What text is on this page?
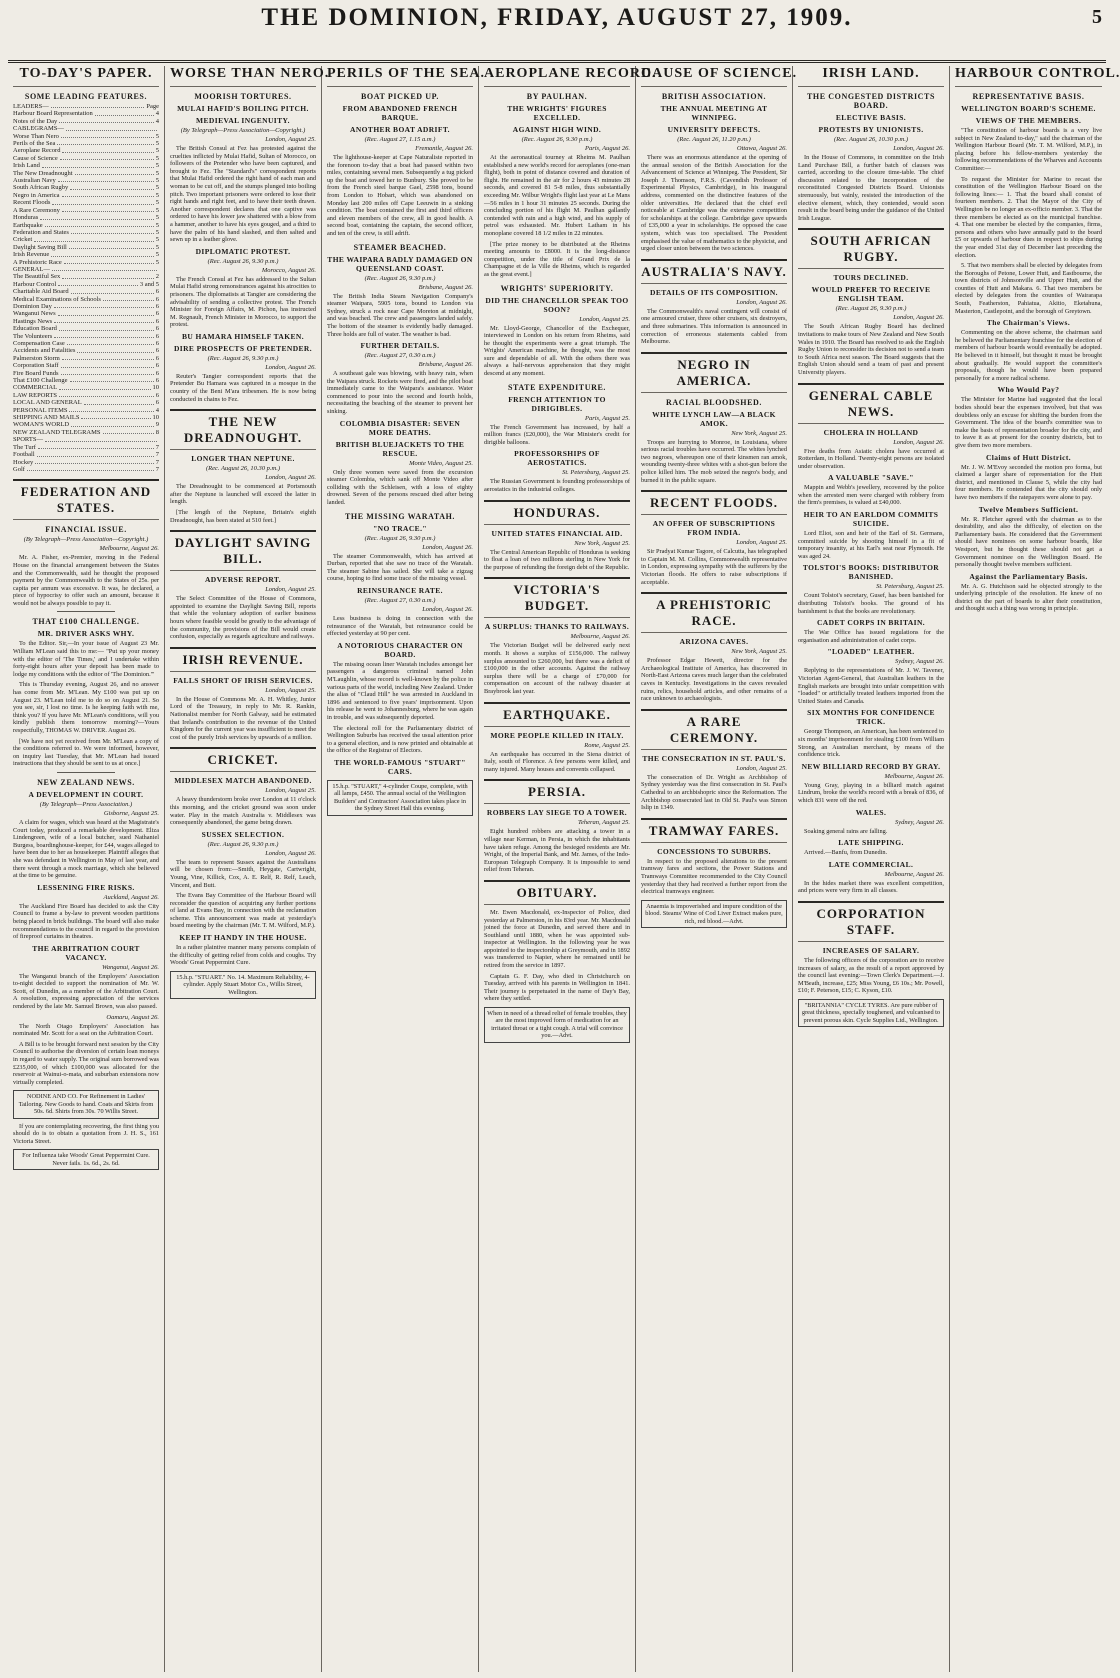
THE DOMINION, FRIDAY, AUGUST 27, 1909.	5
TO-DAY'S PAPER.
SOME LEADING FEATURES.
LEADERS—	Page
Harbour Board Representation	4
Notes of the Day	4
CABLEGRAMS—
Worse Than Nero	5
Perils of the Sea	5
Aeroplane Record	5
Cause of Science	5
Irish Land	5
The New Dreadnought	5
Australian Navy	5
South African Rugby	5
Negro in America	5
Recent Floods	5
A Rare Ceremony	5
Honduras	5
Earthquake	5
Federation and States	5
Cricket	5
Daylight Saving Bill	5
Irish Revenue	5
A Prehistoric Race	5
GENERAL—
The Beautiful Sex	2
Harbour Control	3 and 5
Charitable Aid Board	6
Medical Examinations of Schools	6
Dominion Day	6
Wanganui News	6
Hastings News	6
Education Board	6
The Volunteers	6
Compensation Case	6
Accidents and Fatalities	6
Palmerston Storm	6
Corporation Staff	6
Fire Board Funds	6
That £100 Challenge	6
COMMERCIAL	10
LAW REPORTS	6
LOCAL AND GENERAL	6
PERSONAL ITEMS	4
SHIPPING AND MAILS	10
WOMAN'S WORLD	9
NEW ZEALAND TELEGRAMS	8
SPORTS—
The Turf	7
Football	7
Hockey	7
Golf	7
FEDERATION AND STATES.
FINANCIAL ISSUE.
(By Telegraph—Press Association—Copyright.)
Melbourne, August 26.

Mr. A. Fisher, ex-Premier, moving in the Federal House on the financial arrangement between the States and the Commonwealth, said he thought the proposed payment by the Commonwealth to the States of 25s. per capita per annum was excessive. It was, he declared, a piece of hypocrisy to offer such an amount, because it would not be always possible to pay it.

THAT £100 CHALLENGE.
MR. DRIVER ASKS WHY.

To the Editor. Sir,—In your issue of August 23 Mr. William M'Lean said this to me:— "Put up your money with the editor of 'The Times,' and I undertake within forty-eight hours after your deposit has been made to lodge my conditions with the editor of 'The Dominion.'"

This is Thursday evening, August 26, and no answer has come from Mr. M'Lean. My £100 was put up on August 23. M'Lean told me to do so on August 21. So you see, sir, I lost no time. Is he keeping faith with me, think you? If you have Mr. M'Lean's conditions, will you kindly publish them tomorrow morning?—Yours respectfully, THOMAS W. DRIVER. August 26.

[We have not yet received from Mr. M'Lean a copy of the conditions referred to. We were informed, however, on inquiry last Tuesday, that Mr. M'Lean had issued instructions that they should be sent to us at once.]

NEW ZEALAND NEWS.
A DEVELOPMENT IN COURT.
(By Telegraph—Press Association.)
Gisborne, August 25.

A claim for wages, which was heard at the Magistrate's Court today, produced a remarkable development. Eliza Lindengreen, wife of a local butcher, sued Nathaniel Burgess, boardinghouse-keeper, for £44, wages alleged to have been due to her as housekeeper. Plaintiff alleges that she was defendant in Wellington in May of last year, and there went through a mock marriage, which she believed at the time to be genuine.

LESSENING FIRE RISKS.
Auckland, August 26.

The Auckland Fire Board has decided to ask the City Council to frame a by-law to prevent wooden partitions being placed in brick buildings. The board will also make recommendations to the council in regard to the provision of fireproof curtains in theatres.

THE ARBITRATION COURT VACANCY.
Wanganui, August 26.

The Wanganui branch of the Employers' Association to-night decided to support the nomination of Mr. W. Scott, of Dunedin, as a member of the Arbitration Court. A resolution, expressing appreciation of the services rendered by the late Mr. Samuel Brown, was also passed.

Oamaru, August 26.

The North Otago Employers' Association has nominated Mr. Scott for a seat on the Arbitration Court.

A Bill is to be brought forward next session by the City Council to authorise the diversion of certain loan moneys in regard to water supply. The original sum borrowed was £235,000, of which £100,000 was allocated for the reservoir at Wainui-o-mata, and suburban extensions now virtually completed.

NODINE AND CO. For Refinement in Ladies' Tailoring. New Goods to hand. Coats and Skirts from 50s. 6d. Shirts from 30s. 70 Willis Street.

If you are contemplating recovering, the first thing you should do is to obtain a quotation from J. H. S., 161 Victoria Street.

For Influenza take Woods' Great Peppermint Cure. Never fails. 1s. 6d., 2s. 6d.
WORSE THAN NERO.
MOORISH TORTURES.
MULAI HAFID'S BOILING PITCH.
MEDIEVAL INGENUITY.
(By Telegraph—Press Association—Copyright.)
London, August 25.

The British Consul at Fez has protested against the cruelties inflicted by Mulai Hafid, Sultan of Morocco, on followers of the Pretender who have been captured, and brought to Fez. The "Standard's" correspondent reports that Mulai Hafid ordered the right hand of each man and woman to be cut off, and the stumps plunged into boiling pitch. Two important prisoners were ordered to lose their right hands and right feet, and to have their teeth drawn. Another correspondent declares that one captive was ordered to have his lower jaw shattered with a blow from a hammer, another to have his eyes gouged, and a third to have the palm of his hand slashed, and then salted and sewn up in a leather glove.

DIPLOMATIC PROTEST.
(Rec. August 26, 9.30 p.m.)
Morocco, August 26.

The French Consul at Fez has addressed to the Sultan Mulai Hafid strong remonstrances against his atrocities to prisoners. The diplomatists at Tangier are considering the advisability of sending a collective protest. The French Minister for Foreign Affairs, M. Pichon, has instructed M. Regnault, French Minister in Morocco, to support the protest.

BU HAMARA HIMSELF TAKEN.
DIRE PROSPECTS OF PRETENDER.
(Rec. August 26, 9.30 p.m.)
London, August 26.

Reuter's Tangier correspondent reports that the Pretender Bu Hamara was captured in a mosque in the country of the Beni M'ara tribesmen. He is now being conducted in chains to Fez.

THE NEW DREADNOUGHT.
LONGER THAN NEPTUNE.
(Rec. August 26, 10.30 p.m.)
London, August 26.

The Dreadnought to be commenced at Portsmouth after the Neptune is launched will exceed the latter in length.

[The length of the Neptune, Britain's eighth Dreadnought, has been stated at 510 feet.]

DAYLIGHT SAVING BILL.
ADVERSE REPORT.
London, August 25.

The Select Committee of the House of Commons, appointed to examine the Daylight Saving Bill, reports that while the voluntary adoption of earlier business hours where feasible would be greatly to the advantage of the community, the provisions of the Bill would create confusion, especially as regards agriculture and railways.

IRISH REVENUE.
FALLS SHORT OF IRISH SERVICES.
London, August 25.

In the House of Commons Mr. A. H. Whitley, Junior Lord of the Treasury, in reply to Mr. R. Rankin, Nationalist member for North Galway, said he estimated that Ireland's contribution to the revenue of the United Kingdom for the current year was insufficient to meet the cost of the purely Irish services by upwards of a million.

CRICKET.
MIDDLESEX MATCH ABANDONED.
London, August 25.

A heavy thunderstorm broke over London at 11 o'clock this morning, and the cricket ground was soon under water. Play in the match Australia v. Middlesex was consequently abandoned, the game being drawn.

SUSSEX SELECTION.
(Rec. August 26, 9.30 p.m.)
London, August 26.

The team to represent Sussex against the Australians will be chosen from:—Smith, Heygate, Cartwright, Young, Vine, Killick, Cox, A. E. Relf, R. Relf, Leach, Vincent, and Butt.

The Evans Bay Committee of the Harbour Board will reconsider the question of acquiring any further portions of land at Evans Bay, in connection with the reclamation scheme. This announcement was made at yesterday's board meeting by the chairman (Mr. T. M. Wilford, M.P.).

KEEP IT HANDY IN THE HOUSE.

In a rather plaintive manner many persons complain of the difficulty of getting relief from colds and coughs. Try Woods' Great Peppermint Cure.

15.h.p. "STUART." No. 14. Maximum Reliability, 4-cylinder. Apply Stuart Motor Co., Willis Street, Wellington.
PERILS OF THE SEA.
BOAT PICKED UP.
FROM ABANDONED FRENCH BARQUE.
ANOTHER BOAT ADRIFT.
(Rec. August 27, 1.15 a.m.)
Fremantle, August 26.

The lighthouse-keeper at Cape Naturaliste reported in the forenoon to-day that a boat had passed within two miles, containing several men. Subsequently a tug picked up the boat and towed her to Bunbury. She proved to be from the French steel barque Gael, 2598 tons, bound from London to Hobart, which was abandoned on Monday last 200 miles off Cape Leeuwin in a sinking condition. The boat contained the first and third officers and eleven members of the crew, all in good health. A second boat, containing the captain, the second officer, and ten of the crew, is still adrift.

STEAMER BEACHED.
THE WAIPARA BADLY DAMAGED ON QUEENSLAND COAST.
(Rec. August 26, 9.30 p.m.)
Brisbane, August 26.

The British India Steam Navigation Company's steamer Waipara, 5905 tons, bound to London via Sydney, struck a rock near Cape Moreton at midnight, and was beached. The crew and passengers landed safely. The bottom of the steamer is evidently badly damaged. Three holds are full of water. The weather is bad.

FURTHER DETAILS.
(Rec. August 27, 0.30 a.m.)
Brisbane, August 26.

A southeast gale was blowing, with heavy rain, when the Waipara struck. Rockets were fired, and the pilot boat immediately came to the Waipara's assistance. Water commenced to pour into the second and fourth holds, necessitating the beaching of the steamer to prevent her sinking.

COLOMBIA DISASTER: SEVEN MORE DEATHS.
BRITISH BLUEJACKETS TO THE RESCUE.
Monte Video, August 25.

Only three women were saved from the excursion steamer Colombia, which sank off Monte Video after colliding with the Schleisen, with a loss of eighty drowned. Seven of the persons rescued died after being landed.

THE MISSING WARATAH.
"NO TRACE."
(Rec. August 26, 9.30 p.m.)
London, August 26.

The steamer Commonwealth, which has arrived at Durban, reported that she saw no trace of the Waratah. The steamer Sabine has sailed. She will take a zigzag course, hoping to find some trace of the missing vessel.

REINSURANCE RATE.
(Rec. August 27, 0.30 a.m.)
London, August 26.

Less business is doing in connection with the reinsurance of the Waratah, but reinsurance could be effected yesterday at 90 per cent.

A NOTORIOUS CHARACTER ON BOARD.

The missing ocean liner Waratah includes amongst her passengers a dangerous criminal named John M'Laughlin, whose record is well-known by the police in various parts of the world, including New Zealand. Under the alias of "Claud Hill" he was arrested in Auckland in 1896 and sentenced to five years' imprisonment. Upon his release he went to Johannesburg, where he was again in trouble, and was subsequently deported.

The electoral roll for the Parliamentary district of Wellington Suburbs has received the usual attention prior to a general election, and is now printed and obtainable at the office of the Registrar of Electors.

THE WORLD-FAMOUS "STUART" CARS.
15.h.p. "STUART," 4-cylinder Coupe, complete, with all lamps, £450. The annual social of the Wellington Builders' and Contractors' Association takes place in the Sydney Street Hall this evening.
AEROPLANE RECORD.
BY PAULHAN.
THE WRIGHTS' FIGURES EXCELLED.
AGAINST HIGH WIND.
(Rec. August 26, 9.30 p.m.)
Paris, August 26.

At the aeronautical tourney at Rheims M. Paulhan established a new world's record for aeroplanes (one-man flight), both in point of distance covered and duration of flight. He remained in the air for 2 hours 43 minutes 28 seconds, and covered 81 5-8 miles, thus substantially exceeding Mr. Wilbur Wright's flight last year at Le Mans—56 miles in 1 hour 31 minutes 25 seconds. During the concluding portion of his flight M. Paulhan gallantly contended with rain and a high wind, and his supply of petrol was exhausted. Mr. Hubert Latham in his monoplane covered 18 1/2 miles in 22 minutes.

[The prize money to be distributed at the Rheims meeting amounts to £8000. It is the long-distance competition, under the title of Grand Prix de la Champagne et de la Ville de Rheims, which is regarded as the great event.]

WRIGHTS' SUPERIORITY.
DID THE CHANCELLOR SPEAK TOO SOON?
London, August 25.

Mr. Lloyd-George, Chancellor of the Exchequer, interviewed in London on his return from Rheims, said he thought the experiments were a great triumph. The Wrights' American machine, he thought, was the most sure and dependable of all. With the others there was always a half-nervous apprehension that they might descend at any moment.

STATE EXPENDITURE.
FRENCH ATTENTION TO DIRIGIBLES.
Paris, August 25.

The French Government has increased, by half a million francs (£20,000), the War Minister's credit for dirigible balloons.

PROFESSORSHIPS OF AEROSTATICS.
St. Petersburg, August 25.

The Russian Government is founding professorships of aerostatics in the industrial colleges.

HONDURAS.
UNITED STATES FINANCIAL AID.
New York, August 25.

The Central American Republic of Honduras is seeking to float a loan of two millions sterling in New York for the purpose of refunding the foreign debt of the Republic.

VICTORIA'S BUDGET.
A SURPLUS: THANKS TO RAILWAYS.
Melbourne, August 26.

The Victorian Budget will be delivered early next month. It shows a surplus of £156,000. The railway surplus amounted to £260,000, but there was a deficit of £100,000 in the other accounts. Against the railway surplus there will be a charge of £70,000 for compensation on account of the railway disaster at Braybrook last year.

EARTHQUAKE.
MORE PEOPLE KILLED IN ITALY.
Rome, August 25.

An earthquake has occurred in the Siena district of Italy, south of Florence. A few persons were killed, and many injured. Many houses and convents collapsed.

PERSIA.
ROBBERS LAY SIEGE TO A TOWER.
Teheran, August 25.

Eight hundred robbers are attacking a tower in a village near Kerman, in Persia, in which the inhabitants have taken refuge. Among the besieged residents are Mr. Wright, of the Imperial Bank, and Mr. James, of the Indo-European Telegraph Company. It is impossible to send relief from Teheran.

OBITUARY.

Mr. Ewen Macdonald, ex-Inspector of Police, died yesterday at Palmerston, in his 83rd year. Mr. Macdonald joined the force at Dunedin, and served there and in Southland until 1880, when he was appointed sub-inspector at Wellington. In the following year he was appointed to the inspectorship at Greymouth, and in 1892 was transferred to Napier, where he remained until he retired from the service in 1897.

Captain G. F. Day, who died in Christchurch on Tuesday, arrived with his parents in Wellington in 1841. Their journey is perpetuated in the name of Day's Bay, where they settled.

When in need of a thread relief of female troubles, they are the most improved form of medication for an irritated throat or a tight cough. A trial will convince you.—Advt.
CAUSE OF SCIENCE.
BRITISH ASSOCIATION.
THE ANNUAL MEETING AT WINNIPEG.
UNIVERSITY DEFECTS.
(Rec. August 26, 11.20 p.m.)
Ottawa, August 26.

There was an enormous attendance at the opening of the annual session of the British Association for the Advancement of Science at Winnipeg. The President, Sir Joseph J. Thomson, F.R.S. (Cavendish Professor of Experimental Physics, Cambridge), in his inaugural address, commented on the distinctive features of the older universities. He declared that the chief evil noticeable at Cambridge was the extensive competition for scholarships at the college. Cambridge gave upwards of £35,000 a year in scholarships. He opposed the case system, which was too specialised. The President emphasised the value of mathematics to the physicist, and urged closer union between the two sciences.

AUSTRALIA'S NAVY.
DETAILS OF ITS COMPOSITION.
London, August 26.

The Commonwealth's naval contingent will consist of one armoured cruiser, three other cruisers, six destroyers, and three submarines. This information is announced in correction of erroneous statements cabled from Melbourne.

NEGRO IN AMERICA.
RACIAL BLOODSHED.
WHITE LYNCH LAW—A BLACK AMOK.
New York, August 25.

Troops are hurrying to Monroe, in Louisiana, where serious racial troubles have occurred. The whites lynched two negroes, whereupon one of their kinsmen ran amok, wounding twenty-three whites with a shot-gun before the police killed him. The mob seized the negro's body, and burned it in the public square.

RECENT FLOODS.
AN OFFER OF SUBSCRIPTIONS FROM INDIA.
London, August 25.

Sir Pradyat Kumar Tagore, of Calcutta, has telegraphed to Captain M. M. Collins, Commonwealth representative in London, expressing sympathy with the sufferers by the Victorian floods. He offers to raise subscriptions if acceptable.

A PREHISTORIC RACE.
ARIZONA CAVES.
New York, August 25.

Professor Edgar Hewett, director for the Archaeological Institute of America, has discovered in North-East Arizona caves much larger than the celebrated caves in Kentucky. Investigations in the caves revealed ruins, relics, household articles, and other remains of a race unknown to archaeologists.

A RARE CEREMONY.
THE CONSECRATION IN ST. PAUL'S.
London, August 25.

The consecration of Dr. Wright as Archbishop of Sydney yesterday was the first consecration in St. Paul's Cathedral to an archbishopric since the Reformation. The Archbishop consecrated last in Old St. Paul's was Simon Islip in 1349.

TRAMWAY FARES.
CONCESSIONS TO SUBURBS.

In respect to the proposed alterations to the present tramway fares and sections, the Power Stations and Tramways Committee recommended to the City Council yesterday that they had received a further report from the electrical tramways engineer.

Anaemia is impoverished and impure condition of the blood. Steams' Wine of Cod Liver Extract makes pure, rich, red blood.—Advt.
IRISH LAND.
THE CONGESTED DISTRICTS BOARD.
ELECTIVE BASIS.
PROTESTS BY UNIONISTS.
(Rec. August 26, 10.30 p.m.)
London, August 26.

In the House of Commons, in committee on the Irish Land Purchase Bill, a further batch of clauses was carried, according to the closure time-table. The chief discussion related to the incorporation of the reconstituted Congested Districts Board. Unionists strenuously, but vainly, resisted the introduction of the elective element, which, they contended, would soon result in the board being under the guidance of the United Irish League.

SOUTH AFRICAN RUGBY.
TOURS DECLINED.
WOULD PREFER TO RECEIVE ENGLISH TEAM.
(Rec. August 26, 9.30 p.m.)
London, August 26.

The South African Rugby Board has declined invitations to make tours of New Zealand and New South Wales in 1910. The Board has resolved to ask the English Rugby Union to reconsider its decision not to send a team to South Africa next season. The Board suggests that the English Union should send a team of past and present University players.

GENERAL CABLE NEWS.
CHOLERA IN HOLLAND
London, August 26.

Five deaths from Asiatic cholera have occurred at Rotterdam, in Holland. Twenty-eight persons are isolated under observation.

A VALUABLE "SAVE."

Mappin and Webb's jewellery, recovered by the police when the arrested men were charged with robbery from the firm's premises, is valued at £40,000.

HEIR TO AN EARLDOM COMMITS SUICIDE.

Lord Eliot, son and heir of the Earl of St. Germans, committed suicide by shooting himself in a fit of temporary insanity, at his Earl's seat near Plymouth. He was aged 24.

TOLSTOI'S BOOKS: DISTRIBUTOR BANISHED.
St. Petersburg, August 25.

Count Tolstoi's secretary, Gusef, has been banished for distributing Tolstoi's books. The ground of his banishment is that the books are revolutionary.

CADET CORPS IN BRITAIN.

The War Office has issued regulations for the organisation and administration of cadet corps.

"LOADED" LEATHER.
Sydney, August 26.

Replying to the representations of Mr. J. W. Tavener, Victorian Agent-General, that Australian leathers in the English markets are brought into unfair competition with "loaded" or artificially treated leathers imported from the United States and Canada.

SIX MONTHS FOR CONFIDENCE TRICK.

George Thompson, an American, has been sentenced to six months' imprisonment for stealing £100 from William Strong, an Australian merchant, by means of the confidence trick.

NEW BILLIARD RECORD BY GRAY.
Melbourne, August 26.

Young Gray, playing in a billiard match against Lindrum, broke the world's record with a break of 836, of which 831 were off the red.

WALES.
Sydney, August 26.

Soaking general rains are falling.

LATE SHIPPING.

Arrived.—Banfu, from Dunedin.

LATE COMMERCIAL.
Melbourne, August 26.

In the hides market there was excellent competition, and prices were very firm in all classes.

CORPORATION STAFF.
INCREASES OF SALARY.

The following officers of the corporation are to receive increases of salary, as the result of a report approved by the council last evening:—Town Clerk's Department.—J. M'Beath, increase, £25; Miss Young, £6 10s.; Mr. Powell, £10; F. Peterson, £15; C. Kyson, £10.

"BRITANNIA" CYCLE TYRES. Are pure rubber of great thickness, specially toughened, and vulcanised to prevent porous skin. Cycle Supplies Ltd., Wellington.
HARBOUR CONTROL.
REPRESENTATIVE BASIS.
WELLINGTON BOARD'S SCHEME.
VIEWS OF THE MEMBERS.

"The constitution of harbour boards is a very live subject in New Zealand to-day," said the chairman of the Wellington Harbour Board (Mr. T. M. Wilford, M.P.), in placing before his fellow-members yesterday the following recommendations of the Wharves and Accounts Committee:—

To request the Minister for Marine to recast the constitution of the Wellington Harbour Board on the following lines:— 1. That the board shall consist of fourteen members. 2. That the Mayor of the City of Wellington be no longer an ex-officio member. 3. That the three members be elected as on the municipal franchise. 4. That one member be elected by the companies, firms, persons and others who have annually paid to the board £5 or upwards of harbour dues in respect to ships during the year ended 31st day of December last preceding the election.

5. That two members shall be elected by delegates from the Boroughs of Petone, Lower Hutt, and Eastbourne, the town districts of Johnsonville and Upper Hutt, and the counties of Hutt and Makara. 6. That two members be elected by delegates from the counties of Wairarapa South, Featherston, Pahiatua, Akitio, Eketahuna, Masterton, Castlepoint, and the borough of Greytown.

The Chairman's Views.

Commenting on the above scheme, the chairman said he believed the Parliamentary franchise for the election of members of harbour boards would eventually be adopted. He believed in it himself, but thought it must be brought about gradually. He would support the committee's proposals, though he would have been prepared personally for a more radical scheme.

Who Would Pay?

The Minister for Marine had suggested that the local bodies should bear the expenses involved, but that was doubtless only an excuse for shifting the burden from the Government. The idea of the board's committee was to make the basis of representation broader for the city, and to leave it as at present for the country districts, but to give them two more members.

Claims of Hutt District.

Mr. J. W. M'Evoy seconded the motion pro forma, but claimed a larger share of representation for the Hutt district, and mentioned in Clause 5, while the city had four members. He contended that the city should only have two members if the ratepayers were alone to pay.

Twelve Members Sufficient.

Mr. R. Fletcher agreed with the chairman as to the desirability, and also the difficulty, of election on the Parliamentary basis. He considered that the Government should have nominees on some harbour boards, like Westport, but he thought these should not get a Government nominee on the Wellington Board. He personally thought twelve members sufficient.

Against the Parliamentary Basis.

Mr. A. G. Hutchison said he objected strongly to the underlying principle of the resolution. He knew of no district on the part of boards to alter their constitution, and thought such a thing was wrong in principle.
